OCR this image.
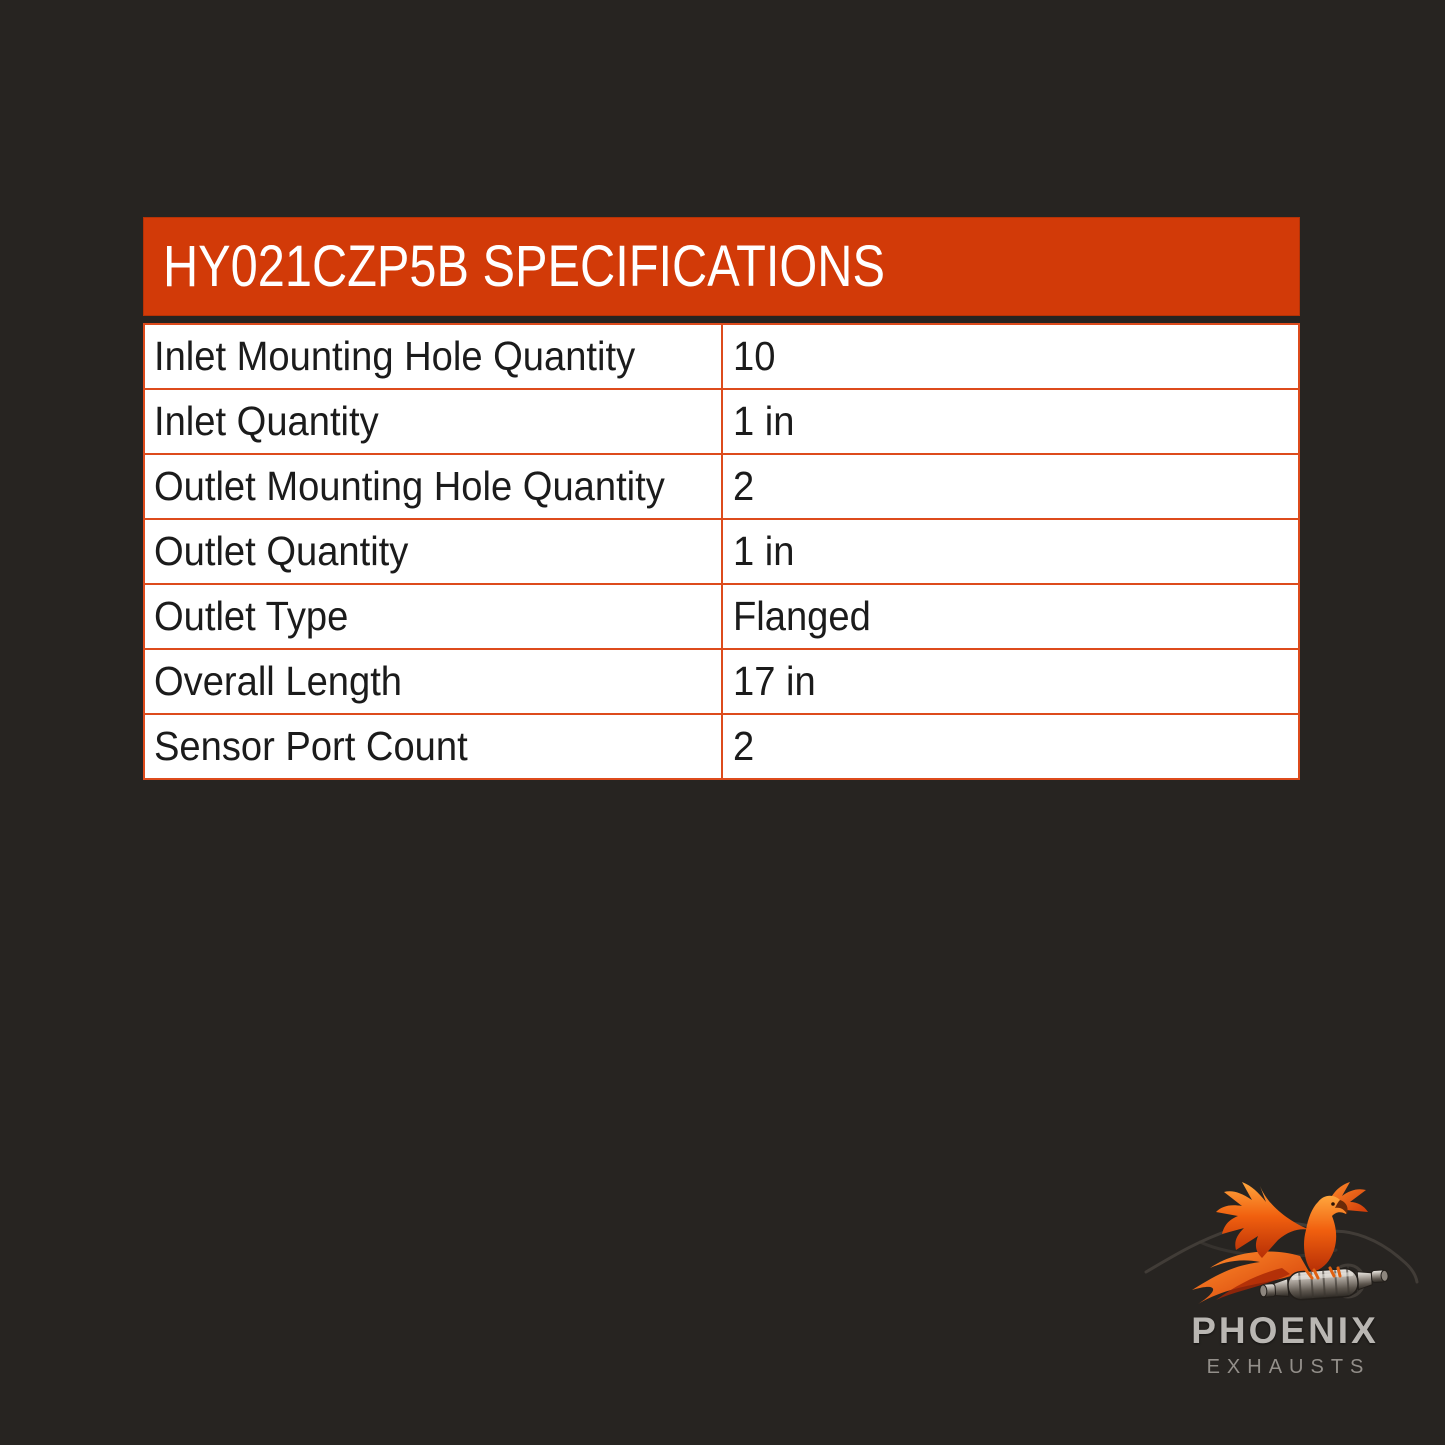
HY021CZP5B SPECIFICATIONS
Inlet Mounting Hole Quantity	10
Inlet Quantity	1 in
Outlet Mounting Hole Quantity	2
Outlet Quantity	1 in
Outlet Type	Flanged
Overall Length	17 in
Sensor Port Count	2
PHOENIX
EXHAUSTS
